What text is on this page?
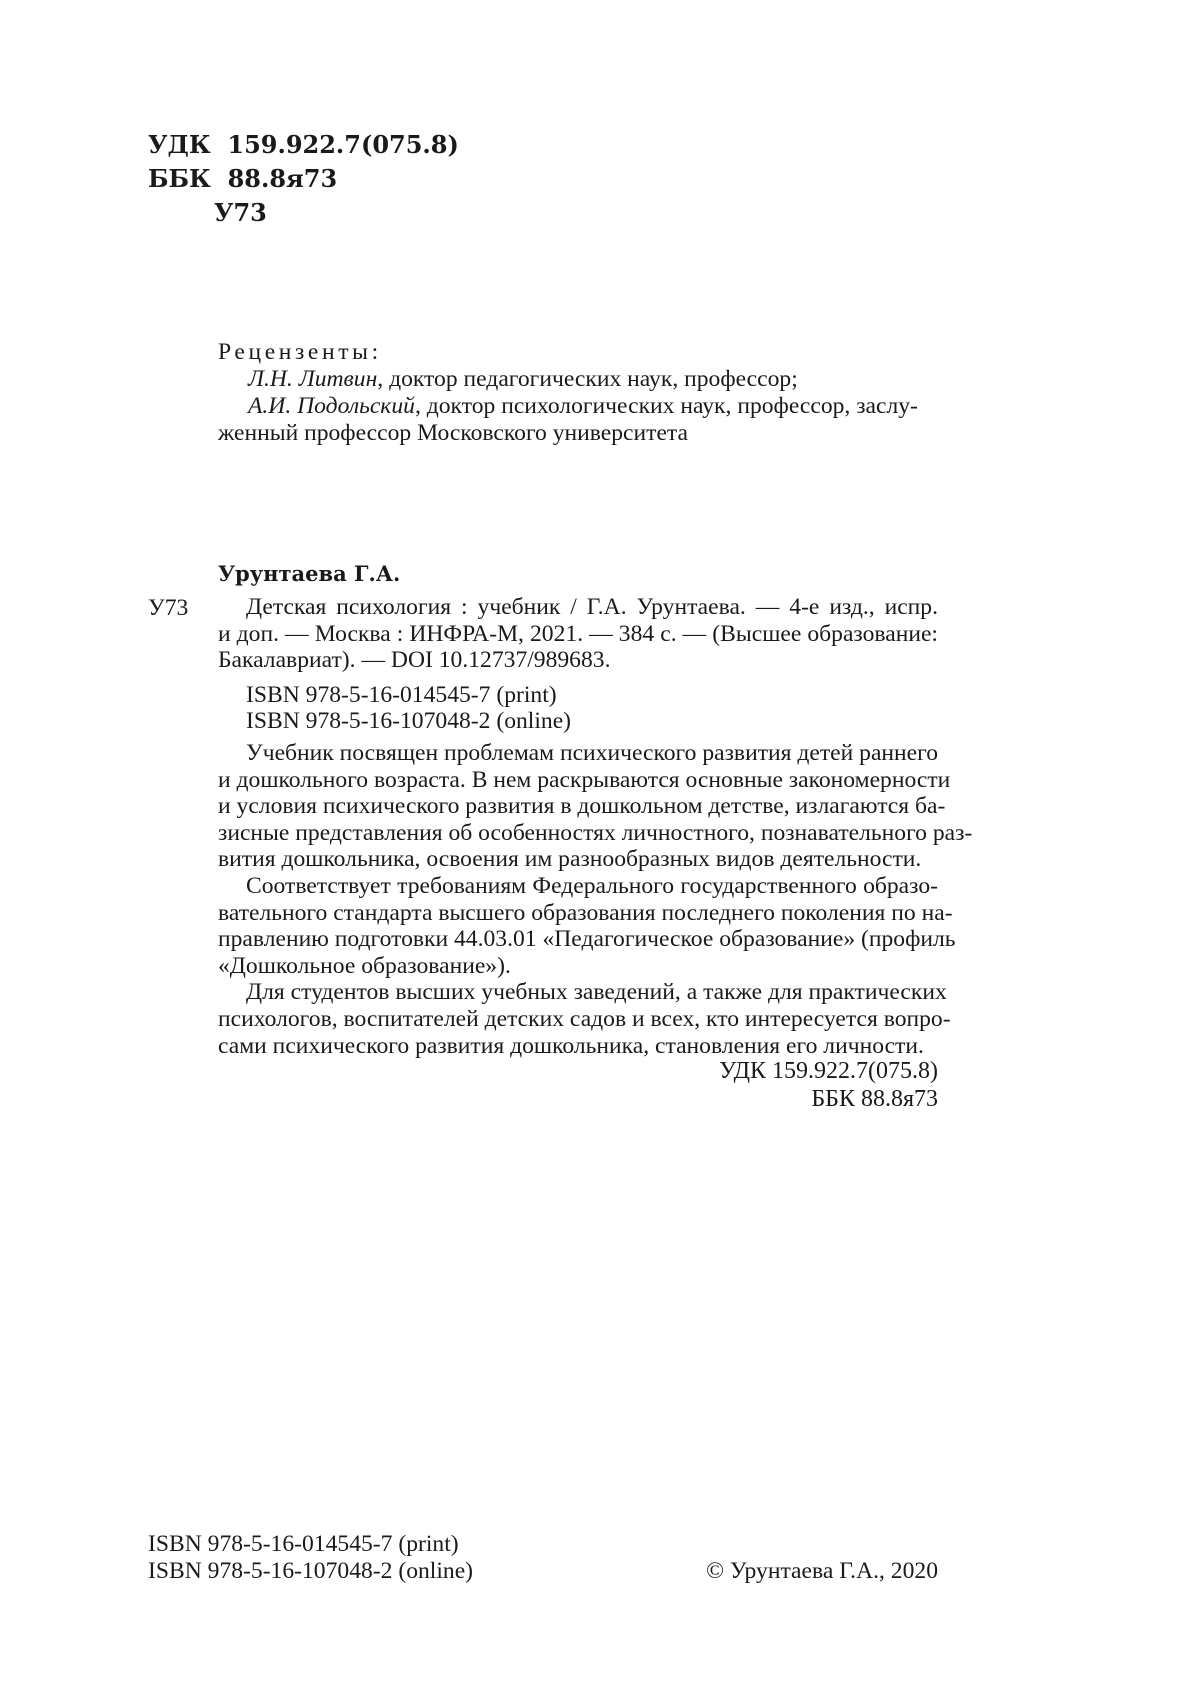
УДК 159.922.7(075.8)
ББК 88.8я73
У73
Рецензенты:
Л.Н. Литвин, доктор педагогических наук, профессор;
А.И. Подольский, доктор психологических наук, профессор, заслу-
женный профессор Московского университета
Урунтаева Г.А.
У73	Детская психология : учебник / Г.А. Урунтаева. — 4-е изд., испр.
и доп. — Москва : ИНФРА-М, 2021. — 384 с. — (Высшее образование:
Бакалавриат). — DOI 10.12737/989683.
ISBN 978-5-16-014545-7 (print)
ISBN 978-5-16-107048-2 (online)
Учебник посвящен проблемам психического развития детей раннего
и дошкольного возраста. В нем раскрываются основные закономерности
и условия психического развития в дошкольном детстве, излагаются ба-
зисные представления об особенностях личностного, познавательного раз-
вития дошкольника, освоения им разнообразных видов деятельности.
Соответствует требованиям Федерального государственного образо-
вательного стандарта высшего образования последнего поколения по на-
правлению подготовки 44.03.01 «Педагогическое образование» (профиль
«Дошкольное образование»).
Для студентов высших учебных заведений, а также для практических
психологов, воспитателей детских садов и всех, кто интересуется вопро-
сами психического развития дошкольника, становления его личности.
УДК 159.922.7(075.8)
ББК 88.8я73
ISBN 978-5-16-014545-7 (print)
ISBN 978-5-16-107048-2 (online)	© Урунтаева Г.А., 2020
